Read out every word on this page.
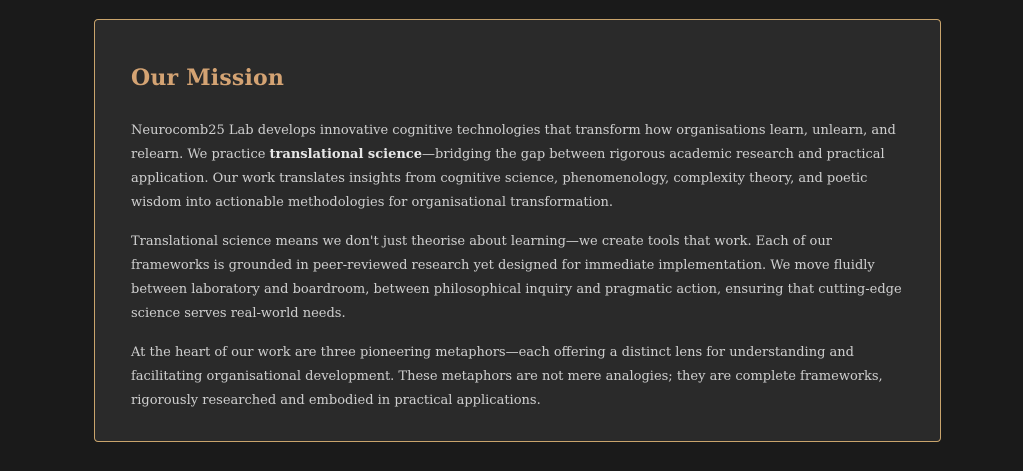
Our Mission

Neurocomb25 Lab develops innovative cognitive technologies that transform how organisations learn, unlearn, and relearn. We practice translational science—bridging the gap between rigorous academic research and practical application. Our work translates insights from cognitive science, phenomenology, complexity theory, and poetic wisdom into actionable methodologies for organisational transformation.

Translational science means we don't just theorise about learning—we create tools that work. Each of our frameworks is grounded in peer-reviewed research yet designed for immediate implementation. We move fluidly between laboratory and boardroom, between philosophical inquiry and pragmatic action, ensuring that cutting-edge science serves real-world needs.

At the heart of our work are three pioneering metaphors—each offering a distinct lens for understanding and facilitating organisational development. These metaphors are not mere analogies; they are complete frameworks, rigorously researched and embodied in practical applications.
